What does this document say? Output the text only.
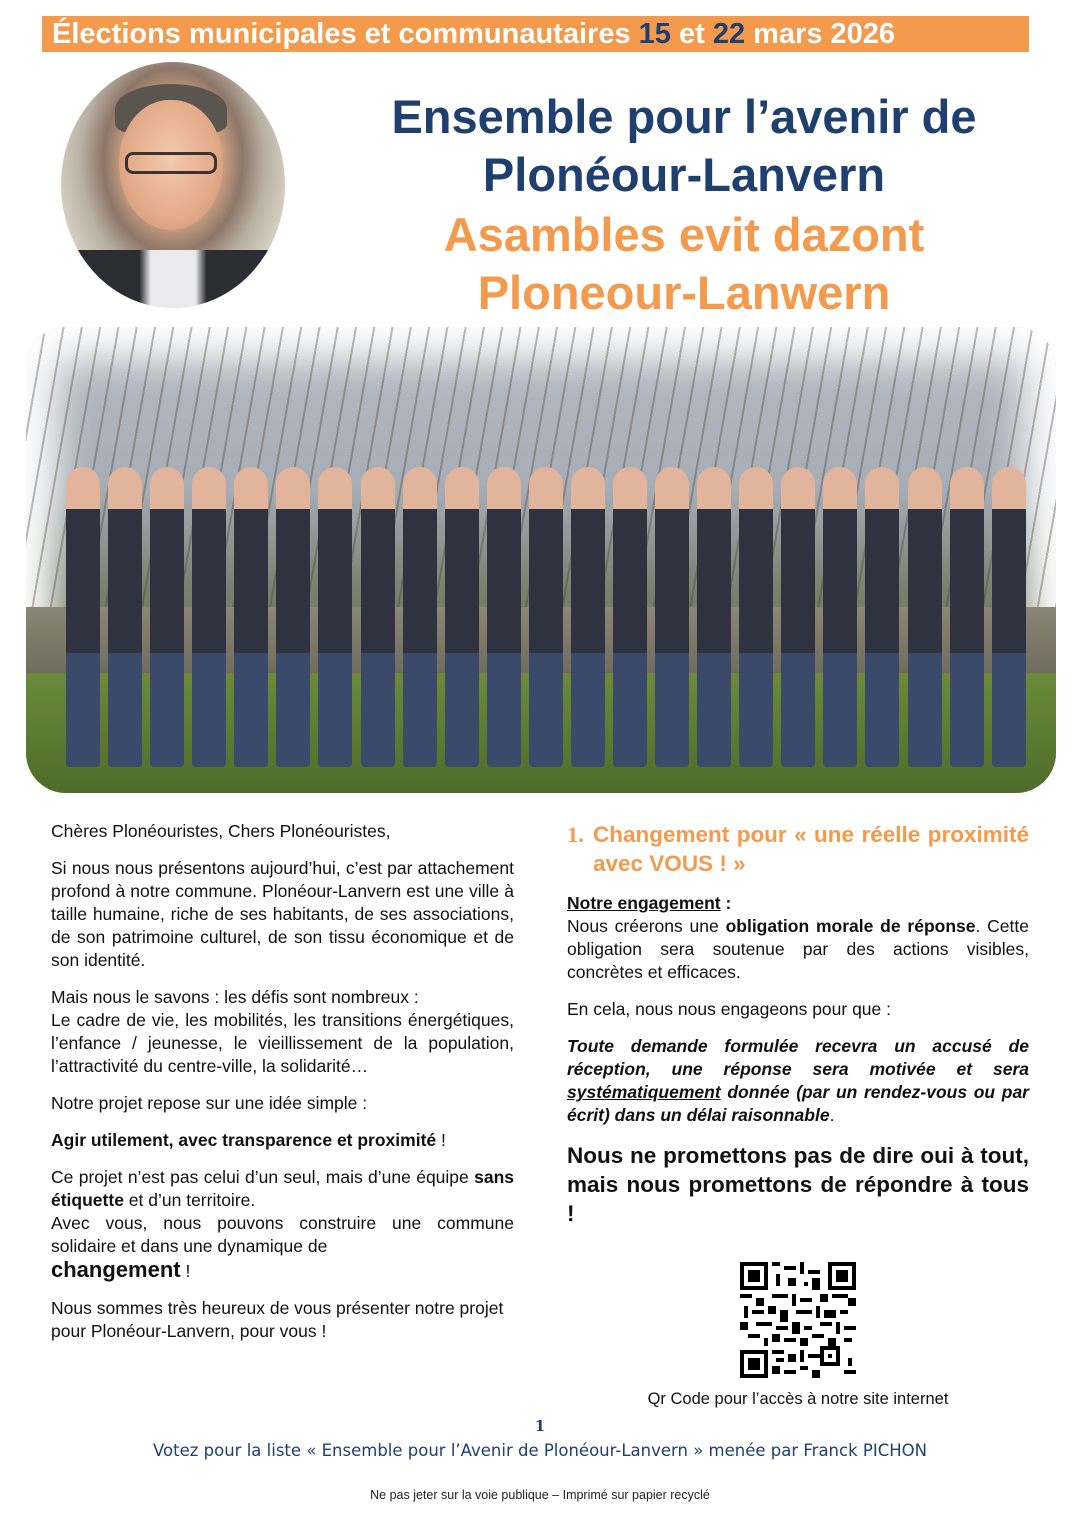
Élections municipales et communautaires 15 et 22 mars 2026
Ensemble pour l’avenir de
Plonéour-Lanvern
Asambles evit dazont
Ploneour-Lanwern

Chères Plonéouristes, Chers Plonéouristes,

Si nous nous présentons aujourd’hui, c’est par attachement profond à notre commune. Plonéour-Lanvern est une ville à taille humaine, riche de ses habitants, de ses associations, de son patrimoine culturel, de son tissu économique et de son identité.

Mais nous le savons : les défis sont nombreux :
Le cadre de vie, les mobilités, les transitions énergétiques, l’enfance / jeunesse, le vieillissement de la population, l’attractivité du centre-ville, la solidarité…

Notre projet repose sur une idée simple :

Agir utilement, avec transparence et proximité !

Ce projet n’est pas celui d’un seul, mais d’une équipe sans étiquette et d’un territoire.

Avec vous, nous pouvons construire une commune solidaire et dans une dynamique de
changement !

Nous sommes très heureux de vous présenter notre projet pour Plonéour-Lanvern, pour vous !

1. Changement pour « une réelle proximité avec VOUS ! »

Notre engagement :

Nous créerons une obligation morale de réponse. Cette obligation sera soutenue par des actions visibles, concrètes et efficaces.

En cela, nous nous engageons pour que :

Toute demande formulée recevra un accusé de réception, une réponse sera motivée et sera systématiquement donnée (par un rendez-vous ou par écrit) dans un délai raisonnable.

Nous ne promettons pas de dire oui à tout, mais nous promettons de répondre à tous !

Qr Code pour l’accès à notre site internet
1
Votez pour la liste « Ensemble pour l’Avenir de Plonéour-Lanvern » menée par Franck PICHON
Ne pas jeter sur la voie publique – Imprimé sur papier recyclé
